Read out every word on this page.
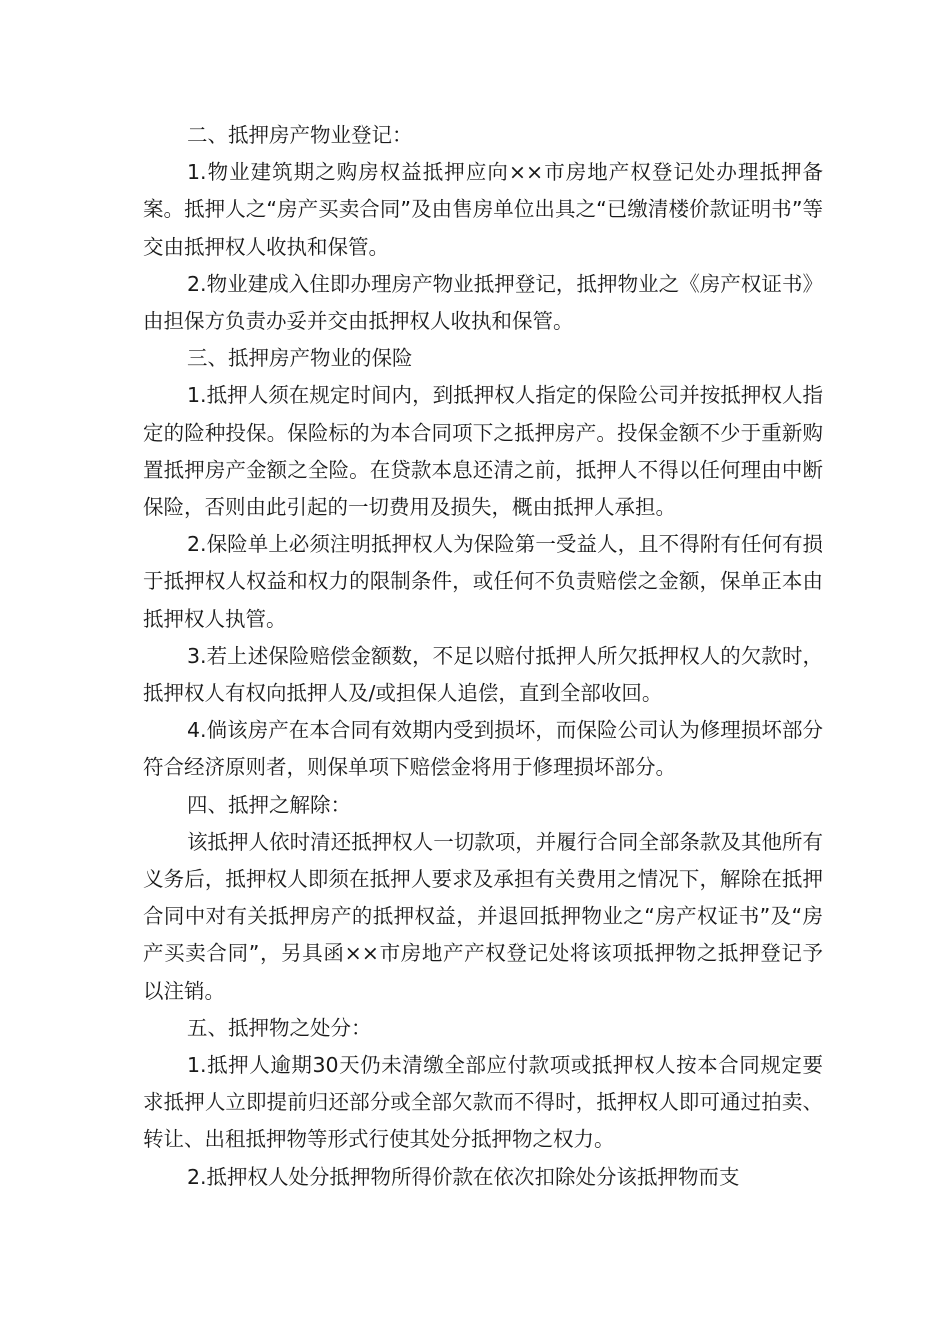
二、抵押房产物业登记：

1.物业建筑期之购房权益抵押应向××市房地产权登记处办理抵押备案。抵押人之“房产买卖合同”及由售房单位出具之“已缴清楼价款证明书”等交由抵押权人收执和保管。

2.物业建成入住即办理房产物业抵押登记，抵押物业之《房产权证书》由担保方负责办妥并交由抵押权人收执和保管。

三、抵押房产物业的保险

1.抵押人须在规定时间内，到抵押权人指定的保险公司并按抵押权人指定的险种投保。保险标的为本合同项下之抵押房产。投保金额不少于重新购置抵押房产金额之全险。在贷款本息还清之前，抵押人不得以任何理由中断保险，否则由此引起的一切费用及损失，概由抵押人承担。

2.保险单上必须注明抵押权人为保险第一受益人，且不得附有任何有损于抵押权人权益和权力的限制条件，或任何不负责赔偿之金额，保单正本由抵押权人执管。

3.若上述保险赔偿金额数，不足以赔付抵押人所欠抵押权人的欠款时，抵押权人有权向抵押人及/或担保人追偿，直到全部收回。

4.倘该房产在本合同有效期内受到损坏，而保险公司认为修理损坏部分符合经济原则者，则保单项下赔偿金将用于修理损坏部分。

四、抵押之解除：

该抵押人依时清还抵押权人一切款项，并履行合同全部条款及其他所有义务后，抵押权人即须在抵押人要求及承担有关费用之情况下，解除在抵押合同中对有关抵押房产的抵押权益，并退回抵押物业之“房产权证书”及“房产买卖合同”，另具函××市房地产产权登记处将该项抵押物之抵押登记予以注销。

五、抵押物之处分：

1.抵押人逾期30天仍未清缴全部应付款项或抵押权人按本合同规定要求抵押人立即提前归还部分或全部欠款而不得时，抵押权人即可通过拍卖、转让、出租抵押物等形式行使其处分抵押物之权力。

2.抵押权人处分抵押物所得价款在依次扣除处分该抵押物而支
